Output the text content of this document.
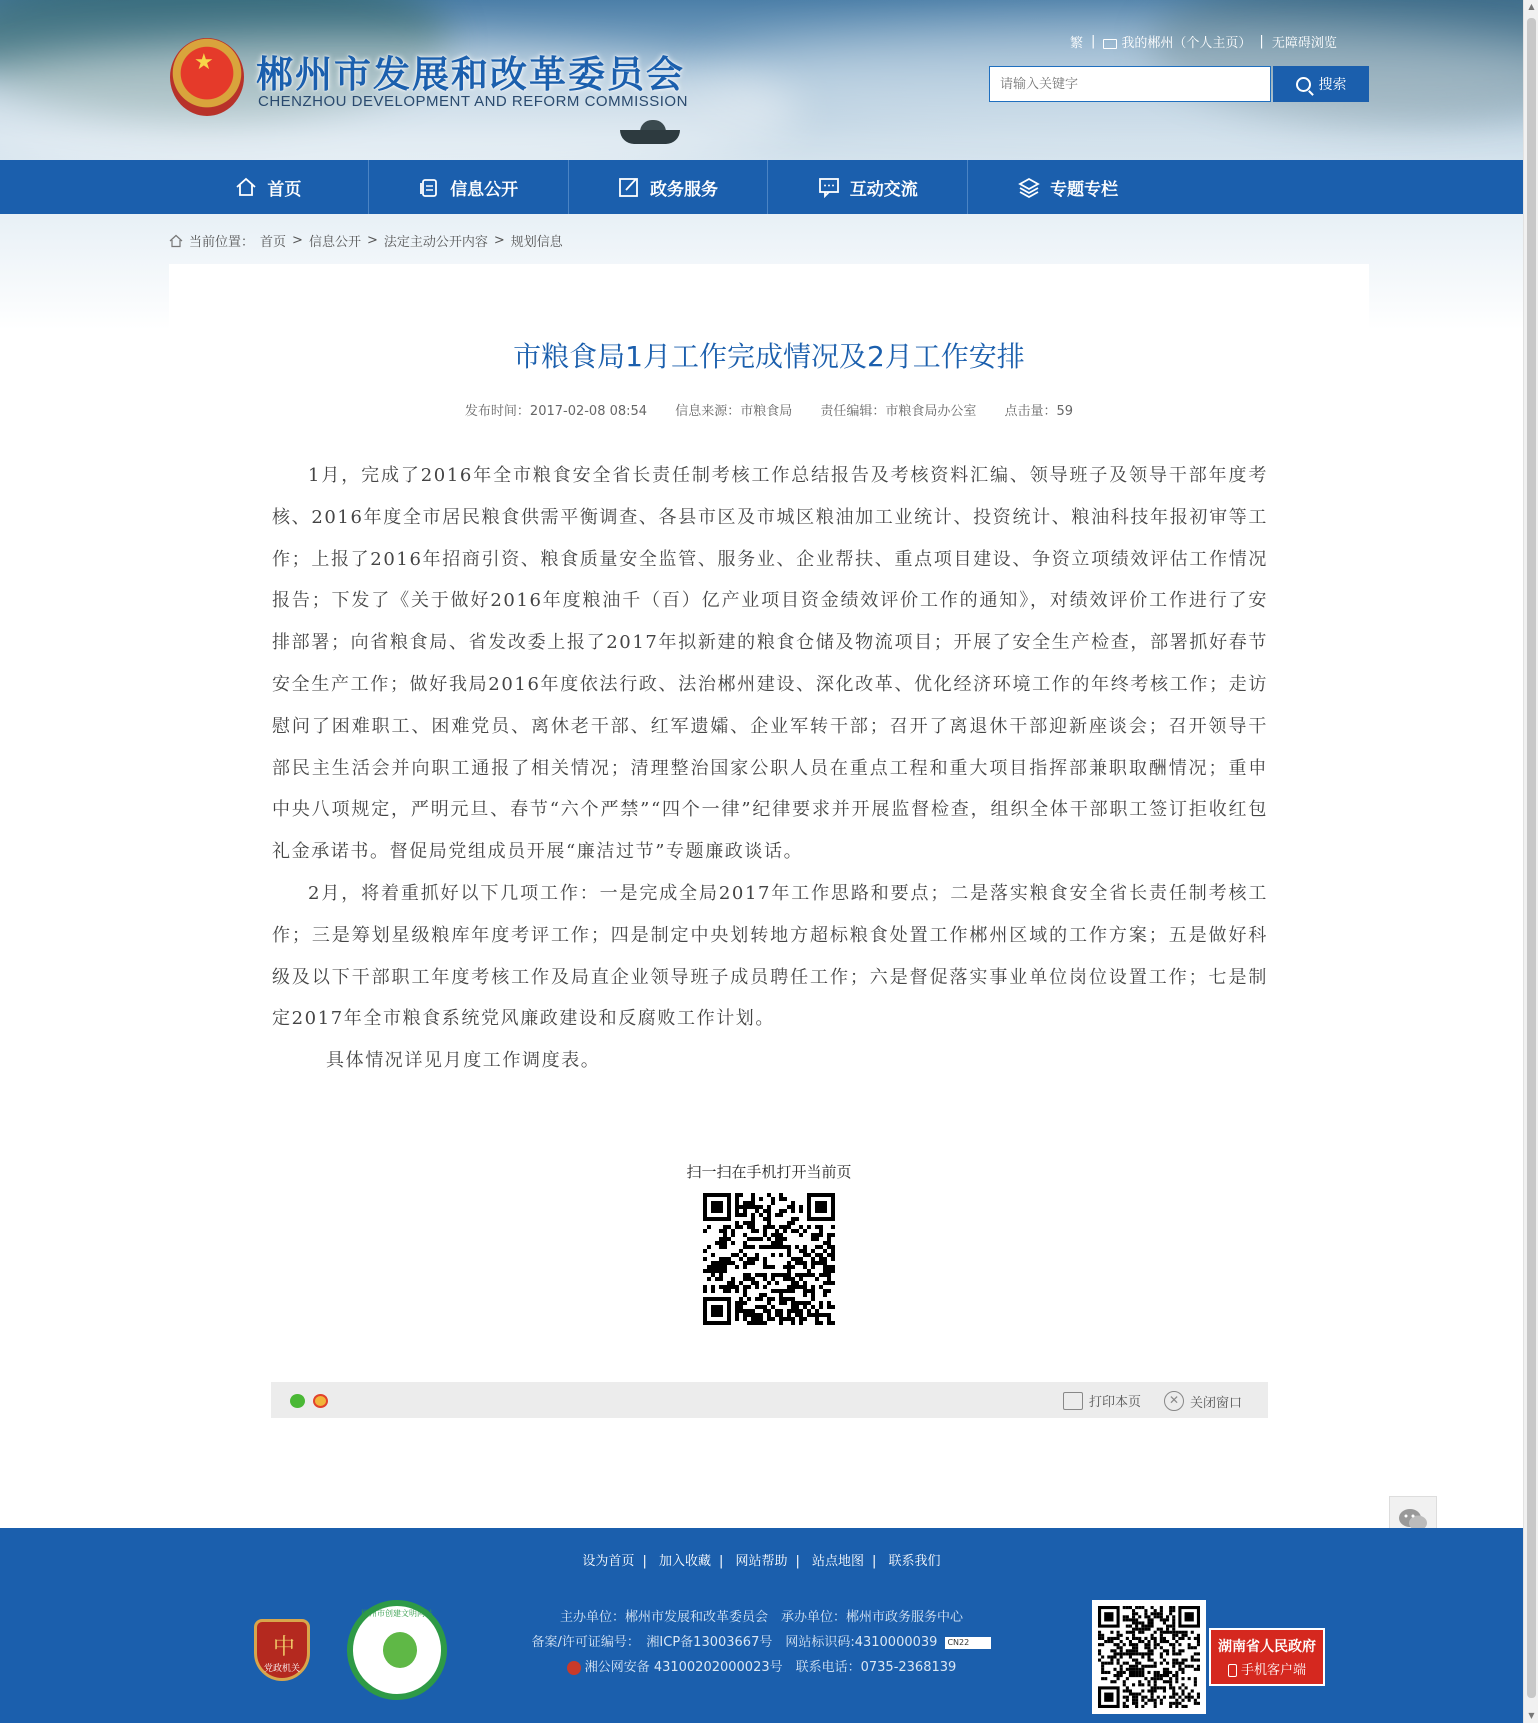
▲
▼
★ 郴州市发展和改革委员会
CHENZHOU DEVELOPMENT AND REFORM COMMISSION
繁 |	我的郴州（个人主页） | 无障碍浏览
请输入关键字
搜索
首页	信息公开	政务服务	互动交流	专题专栏
当前位置： 首页 > 信息公开 > 法定主动公开内容 > 规划信息
市粮食局1月工作完成情况及2月工作安排
发布时间：2017-02-08 08:54 信息来源：市粮食局 责任编辑：市粮食局办公室 点击量：59

1月，完成了2016年全市粮食安全省长责任制考核工作总结报告及考核资料汇编、领导班子及领导干部年度考核、2016年度全市居民粮食供需平衡调查、各县市区及市城区粮油加工业统计、投资统计、粮油科技年报初审等工作；上报了2016年招商引资、粮食质量安全监管、服务业、企业帮扶、重点项目建设、争资立项绩效评估工作情况报告；下发了《关于做好2016年度粮油千（百）亿产业项目资金绩效评价工作的通知》，对绩效评价工作进行了安排部署；向省粮食局、省发改委上报了2017年拟新建的粮食仓储及物流项目；开展了安全生产检查，部署抓好春节安全生产工作；做好我局2016年度依法行政、法治郴州建设、深化改革、优化经济环境工作的年终考核工作；走访慰问了困难职工、困难党员、离休老干部、红军遗孀、企业军转干部；召开了离退休干部迎新座谈会；召开领导干部民主生活会并向职工通报了相关情况；清理整治国家公职人员在重点工程和重大项目指挥部兼职取酬情况；重申中央八项规定，严明元旦、春节“六个严禁”“四个一律”纪律要求并开展监督检查，组织全体干部职工签订拒收红包礼金承诺书。督促局党组成员开展“廉洁过节”专题廉政谈话。

2月，将着重抓好以下几项工作：一是完成全局2017年工作思路和要点；二是落实粮食安全省长责任制考核工作；三是筹划星级粮库年度考评工作；四是制定中央划转地方超标粮食处置工作郴州区域的工作方案；五是做好科级及以下干部职工年度考核工作及局直企业领导班子成员聘任工作；六是督促落实事业单位岗位设置工作；七是制定2017年全市粮食系统党风廉政建设和反腐败工作计划。

具体情况详见月度工作调度表。

扫一扫在手机打开当前页
打印本页	✕ 关闭窗口
设为首页 | 加入收藏 | 网站帮助 | 站点地图 | 联系我们
主办单位：郴州市发展和改革委员会　承办单位：郴州市政务服务中心
备案/许可证编号：　湘ICP备13003667号　网站标识码:4310000039 CN22
湘公网安备 43100202000023号　联系电话：0735-2368139
中
党政机关
郴州市创建文明网站
湖南省人民政府
手机客户端
